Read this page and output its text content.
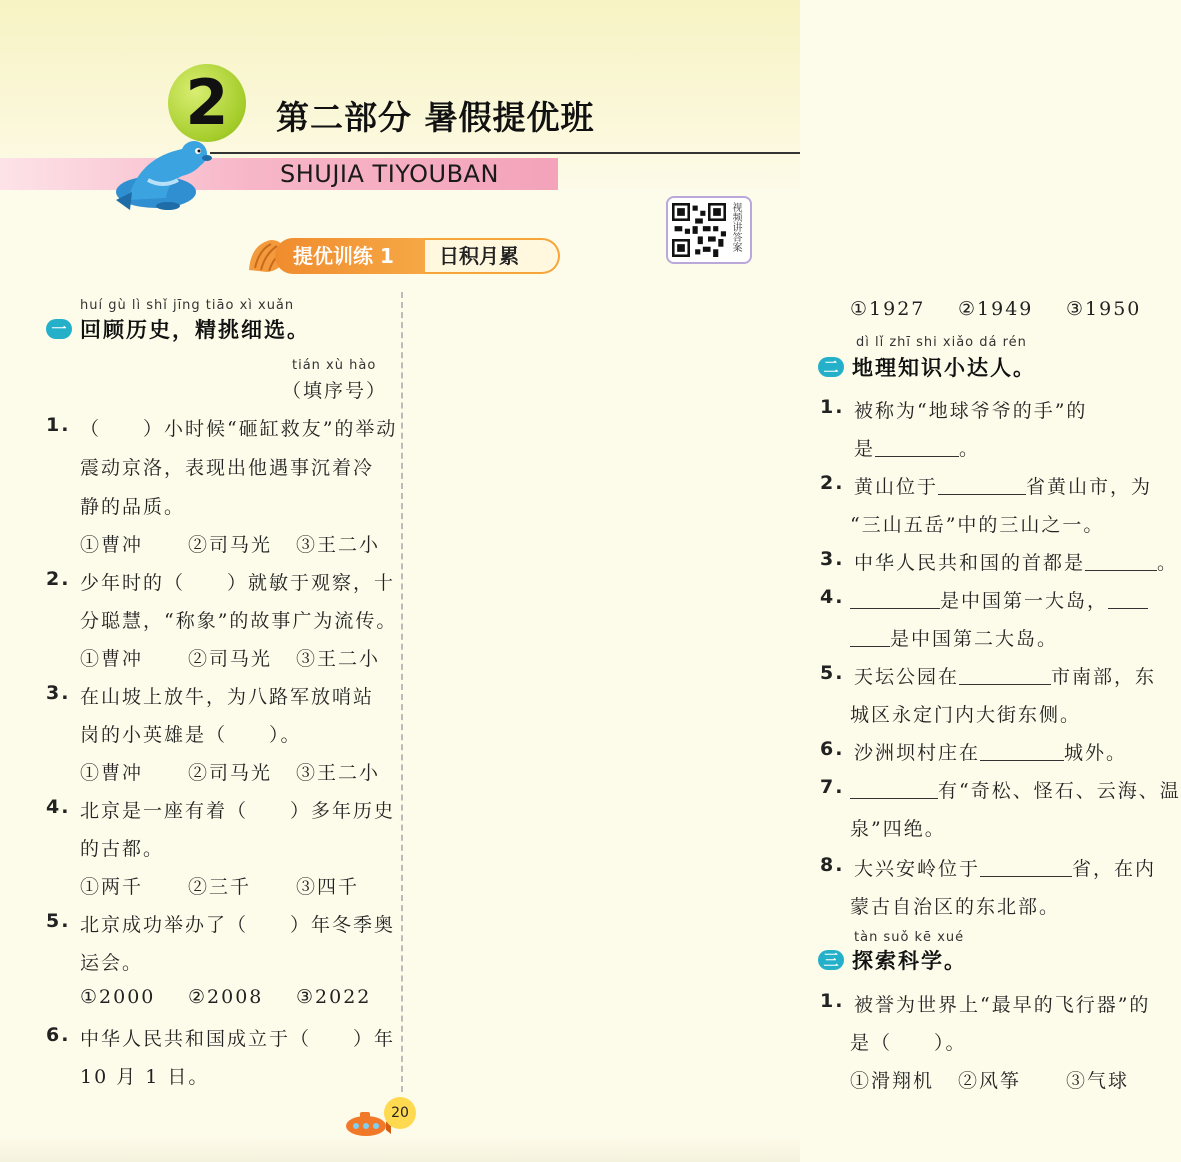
2	第二部分 暑假提优班
SHUJIA TIYOUBAN
视频讲答案
提优训练 1	日积月累
huí gù lì shǐ jīng tiāo xì xuǎn
一 回顾历史，精挑细选。
tián xù hào
（填序号）
1. （　　）小时候“砸缸救友”的举动
震动京洛，表现出他遇事沉着冷
静的品质。
①曹冲 ②司马光 ③王二小
2. 少年时的（　　）就敏于观察，十
分聪慧，“称象”的故事广为流传。
①曹冲 ②司马光 ③王二小
3. 在山坡上放牛，为八路军放哨站
岗的小英雄是（　　）。
①曹冲 ②司马光 ③王二小
4. 北京是一座有着（　　）多年历史
的古都。
①两千 ②三千 ③四千
5. 北京成功举办了（　　）年冬季奥
运会。
①2000 ②2008 ③2022
6. 中华人民共和国成立于（　　）年
10 月 1 日。
①1927 ②1949 ③1950
dì lǐ zhī shi xiǎo dá rén
二 地理知识小达人。
1. 被称为“地球爷爷的手”的
是	。
2. 黄山位于	省黄山市，为
“三山五岳”中的三山之一。
3. 中华人民共和国的首都是	。
4.	是中国第一大岛，
是中国第二大岛。
5. 天坛公园在	市南部，东
城区永定门内大街东侧。
6. 沙洲坝村庄在	城外。
7.	有“奇松、怪石、云海、温
泉”四绝。
8. 大兴安岭位于	省，在内
蒙古自治区的东北部。
tàn suǒ kē xué
三 探索科学。
1. 被誉为世界上“最早的飞行器”的
是（　　）。
①滑翔机 ②风筝 ③气球
20
